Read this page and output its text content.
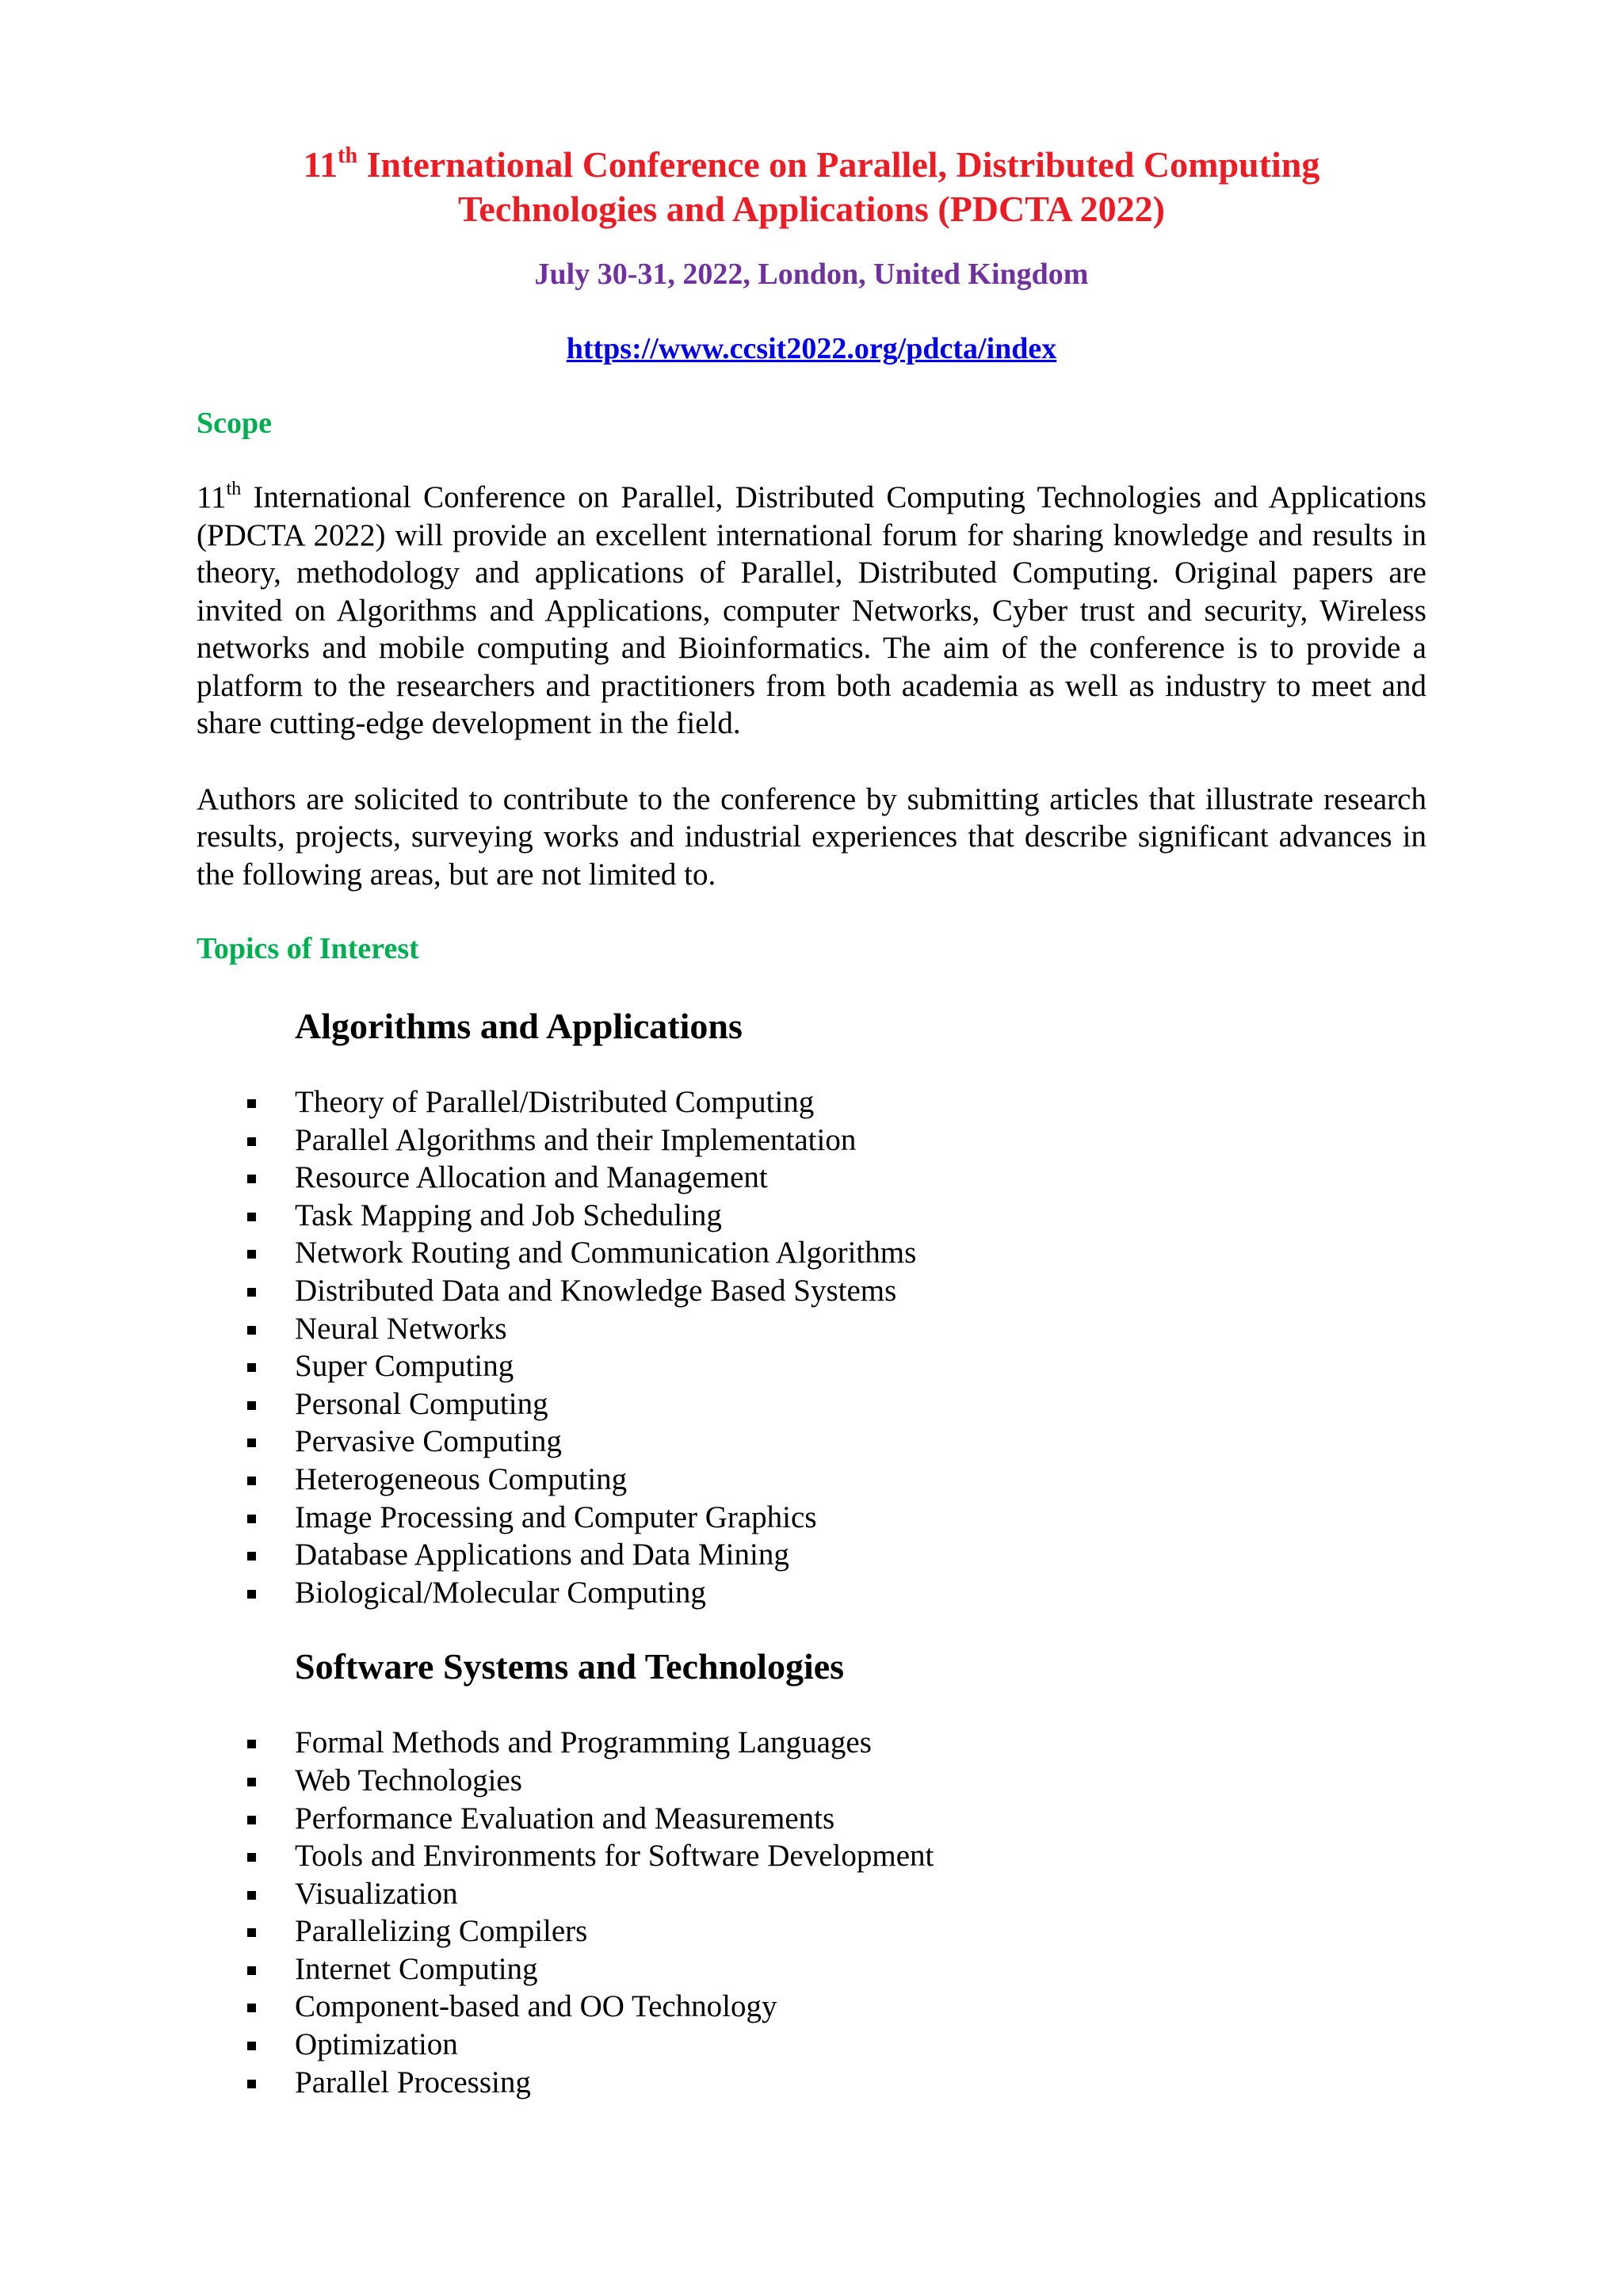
11th International Conference on Parallel, Distributed Computing
Technologies and Applications (PDCTA 2022)
July 30-31, 2022, London, United Kingdom
https://www.ccsit2022.org/pdcta/index
Scope

11th International Conference on Parallel, Distributed Computing Technologies and Applications (PDCTA 2022) will provide an excellent international forum for sharing knowledge and results in theory, methodology and applications of Parallel, Distributed Computing. Original papers are invited on Algorithms and Applications, computer Networks, Cyber trust and security, Wireless networks and mobile computing and Bioinformatics. The aim of the conference is to provide a platform to the researchers and practitioners from both academia as well as industry to meet and share cutting-edge development in the field.

Authors are solicited to contribute to the conference by submitting articles that illustrate research results, projects, surveying works and industrial experiences that describe significant advances in the following areas, but are not limited to.

Topics of Interest
Algorithms and Applications
Theory of Parallel/Distributed Computing
Parallel Algorithms and their Implementation
Resource Allocation and Management
Task Mapping and Job Scheduling
Network Routing and Communication Algorithms
Distributed Data and Knowledge Based Systems
Neural Networks
Super Computing
Personal Computing
Pervasive Computing
Heterogeneous Computing
Image Processing and Computer Graphics
Database Applications and Data Mining
Biological/Molecular Computing
Software Systems and Technologies
Formal Methods and Programming Languages
Web Technologies
Performance Evaluation and Measurements
Tools and Environments for Software Development
Visualization
Parallelizing Compilers
Internet Computing
Component-based and OO Technology
Optimization
Parallel Processing
